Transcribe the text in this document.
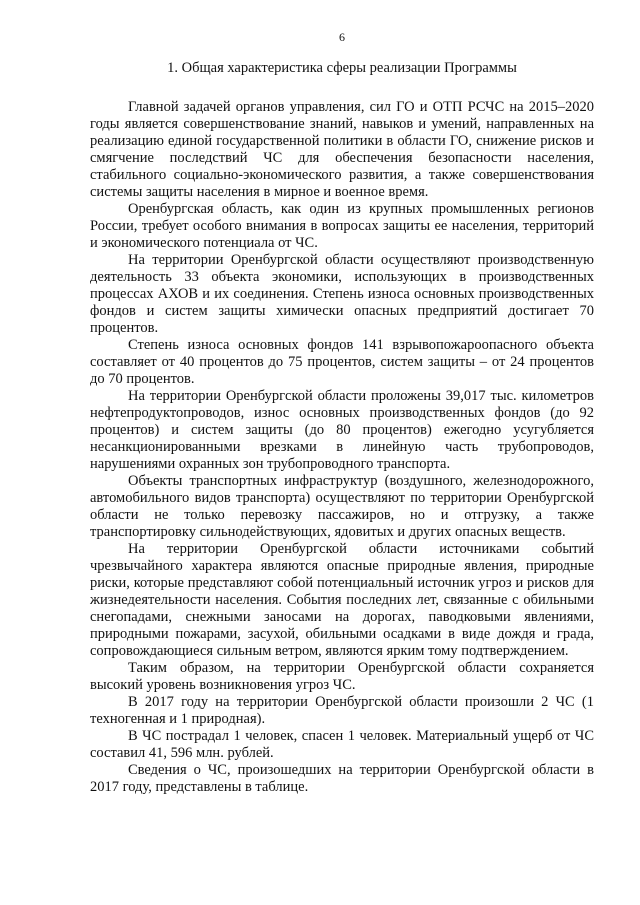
6
1. Общая характеристика сферы реализации Программы

Главной задачей органов управления, сил ГО и ОТП РСЧС на 2015–2020 годы является совершенствование знаний, навыков и умений, направленных на реализацию единой государственной политики в области ГО, снижение рисков и смягчение последствий ЧС для обеспечения безопасности населения, стабильного социально-экономического развития, а также совершенствования системы защиты населения в мирное и военное время.

Оренбургская область, как один из крупных промышленных регионов России, требует особого внимания в вопросах защиты ее населения, территорий и экономического потенциала от ЧС.

На территории Оренбургской области осуществляют производственную деятельность 33 объекта экономики, использующих в производственных процессах АХОВ и их соединения. Степень износа основных производственных фондов и систем защиты химически опасных предприятий достигает 70 процентов.

Степень износа основных фондов 141 взрывопожароопасного объекта составляет от 40 процентов до 75 процентов, систем защиты – от 24 процентов до 70 процентов.

На территории Оренбургской области проложены 39,017 тыс. километров нефтепродуктопроводов, износ основных производственных фондов (до 92 процентов) и систем защиты (до 80 процентов) ежегодно усугубляется несанкционированными врезками в линейную часть трубопроводов, нарушениями охранных зон трубопроводного транспорта.

Объекты транспортных инфраструктур (воздушного, железнодорожного, автомобильного видов транспорта) осуществляют по территории Оренбургской области не только перевозку пассажиров, но и отгрузку, а также транспортировку сильнодействующих, ядовитых и других опасных веществ.

На территории Оренбургской области источниками событий чрезвычайного характера являются опасные природные явления, природные риски, которые представляют собой потенциальный источник угроз и рисков для жизнедеятельности населения. События последних лет, связанные с обильными снегопадами, снежными заносами на дорогах, паводковыми явлениями, природными пожарами, засухой, обильными осадками в виде дождя и града, сопровождающиеся сильным ветром, являются ярким тому подтверждением.

Таким образом, на территории Оренбургской области сохраняется высокий уровень возникновения угроз ЧС.

В 2017 году на территории Оренбургской области произошли 2 ЧС (1 техногенная и 1 природная).

В ЧС пострадал 1 человек, спасен 1 человек. Материальный ущерб от ЧС составил 41, 596 млн. рублей.

Сведения о ЧС, произошедших на территории Оренбургской области в 2017 году, представлены в таблице.
